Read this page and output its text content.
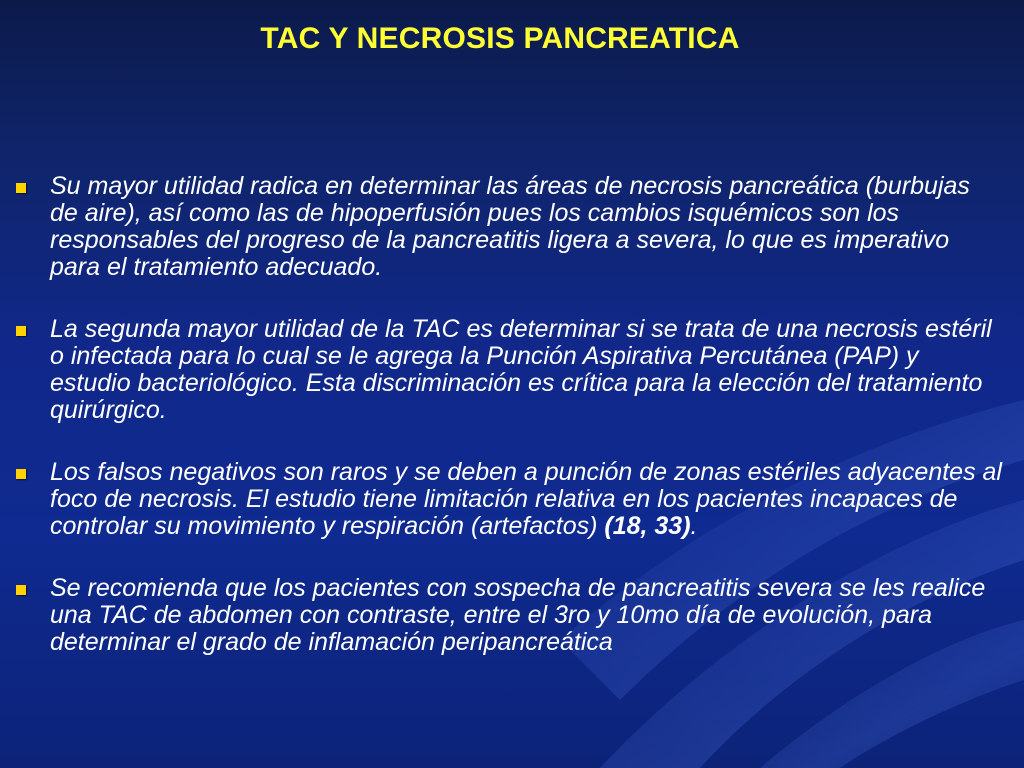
TAC Y NECROSIS PANCREATICA
Su mayor utilidad radica en determinar las áreas de necrosis pancreática (burbujas de aire), así como las de hipoperfusión pues los cambios isquémicos son los responsables del progreso de la pancreatitis ligera a severa, lo que es imperativo para el tratamiento adecuado.
La segunda mayor utilidad de la TAC es determinar si se trata de una necrosis estéril o infectada para lo cual se le agrega la Punción Aspirativa Percutánea (PAP) y estudio bacteriológico. Esta discriminación es crítica para la elección del tratamiento quirúrgico.
Los falsos negativos son raros y se deben a punción de zonas estériles adyacentes al foco de necrosis. El estudio tiene limitación relativa en los pacientes incapaces de controlar su movimiento y respiración (artefactos) (18, 33).
Se recomienda que los pacientes con sospecha de pancreatitis severa se les realice una TAC de abdomen con contraste, entre el 3ro y 10mo día de evolución, para determinar el grado de inflamación peripancreática
